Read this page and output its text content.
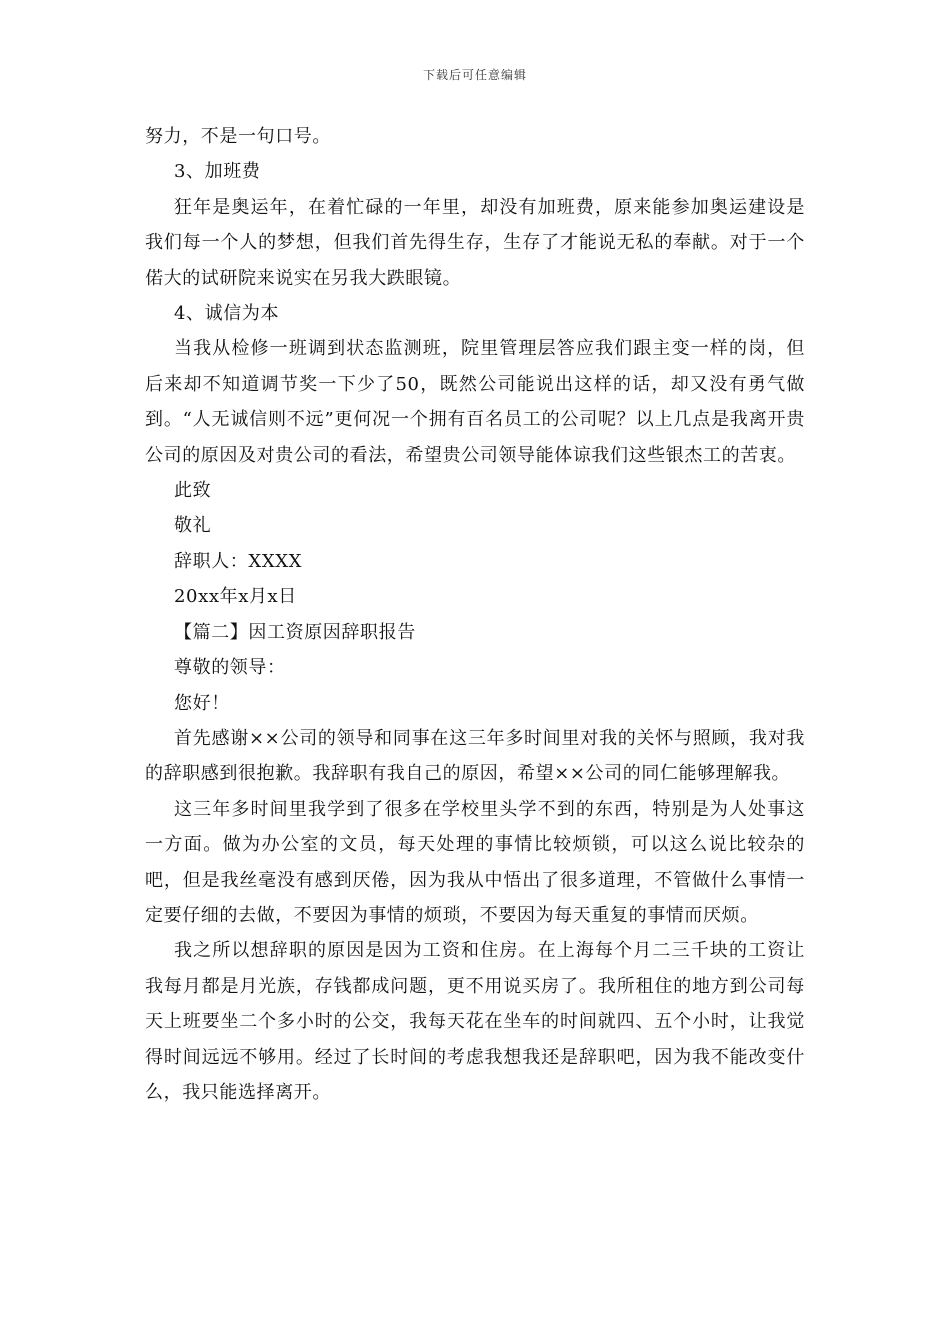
下载后可任意编辑

努力，不是一句口号。

3、加班费

狂年是奥运年，在着忙碌的一年里，却没有加班费，原来能参加奥运建设是我们每一个人的梦想，但我们首先得生存，生存了才能说无私的奉献。对于一个偌大的试研院来说实在另我大跌眼镜。

4、诚信为本

当我从检修一班调到状态监测班，院里管理层答应我们跟主变一样的岗，但后来却不知道调节奖一下少了50，既然公司能说出这样的话，却又没有勇气做到。“人无诚信则不远”更何况一个拥有百名员工的公司呢？以上几点是我离开贵公司的原因及对贵公司的看法，希望贵公司领导能体谅我们这些银杰工的苦衷。

此致

敬礼

辞职人：XXXX

20xx年x月x日

【篇二】因工资原因辞职报告

尊敬的领导：

您好！

首先感谢××公司的领导和同事在这三年多时间里对我的关怀与照顾，我对我的辞职感到很抱歉。我辞职有我自己的原因，希望××公司的同仁能够理解我。

这三年多时间里我学到了很多在学校里头学不到的东西，特别是为人处事这一方面。做为办公室的文员，每天处理的事情比较烦锁，可以这么说比较杂的吧，但是我丝毫没有感到厌倦，因为我从中悟出了很多道理，不管做什么事情一定要仔细的去做，不要因为事情的烦琐，不要因为每天重复的事情而厌烦。

我之所以想辞职的原因是因为工资和住房。在上海每个月二三千块的工资让我每月都是月光族，存钱都成问题，更不用说买房了。我所租住的地方到公司每天上班要坐二个多小时的公交，我每天花在坐车的时间就四、五个小时，让我觉得时间远远不够用。经过了长时间的考虑我想我还是辞职吧，因为我不能改变什么，我只能选择离开。
